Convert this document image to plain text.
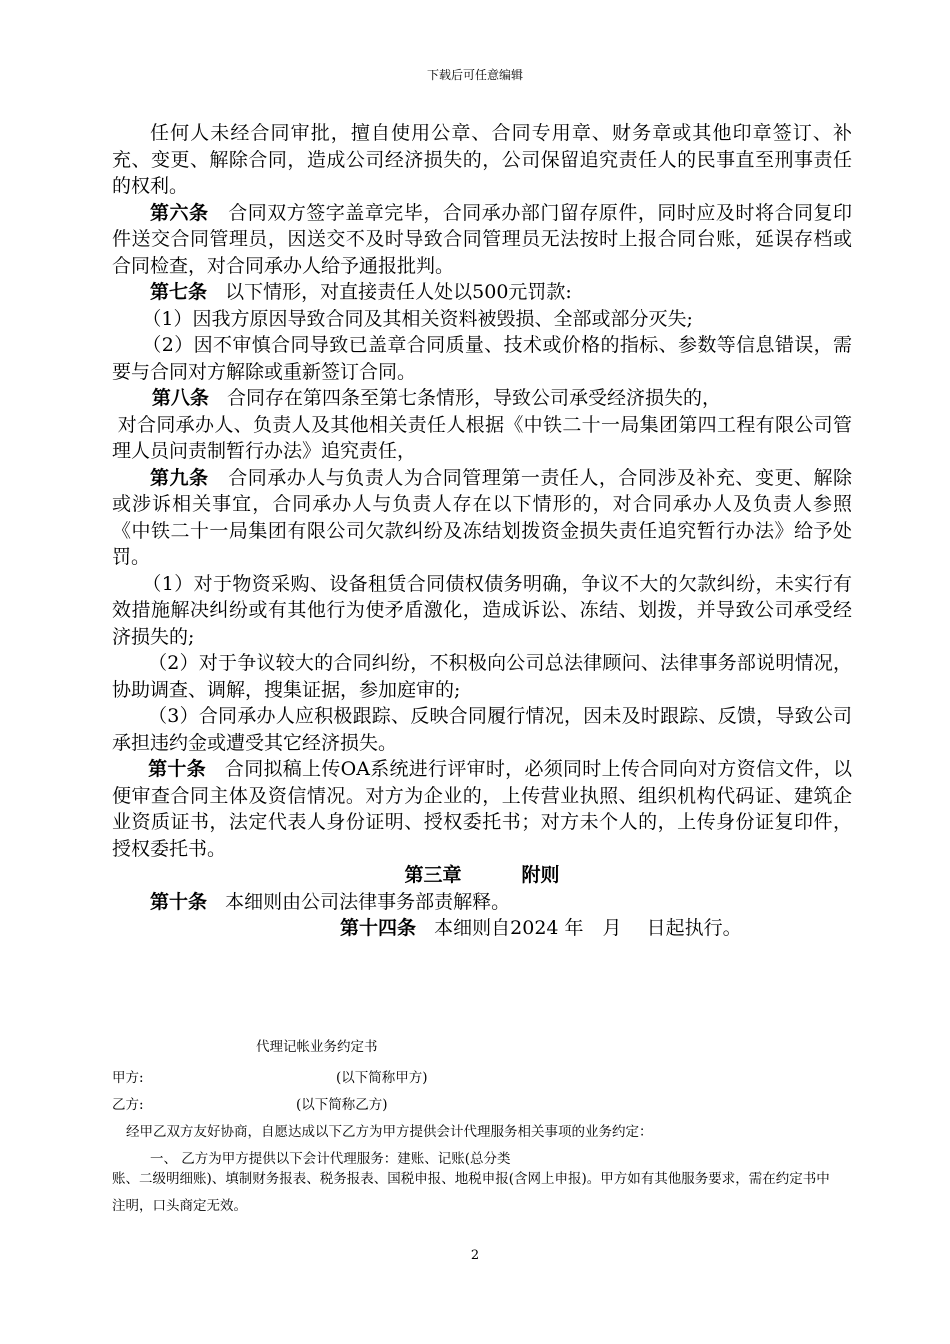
下载后可任意编辑

任何人未经合同审批，擅自使用公章、合同专用章、财务章或其他印章签订、补充、变更、解除合同，造成公司经济损失的，公司保留追究责任人的民事直至刑事责任的权利。

第六条 合同双方签字盖章完毕，合同承办部门留存原件，同时应及时将合同复印件送交合同管理员，因送交不及时导致合同管理员无法按时上报合同台账，延误存档或合同检查，对合同承办人给予通报批判。

第七条 以下情形，对直接责任人处以500元罚款:

（1）因我方原因导致合同及其相关资料被毁损、全部或部分灭失;

（2）因不审慎合同导致已盖章合同质量、技术或价格的指标、参数等信息错误，需要与合同对方解除或重新签订合同。

第八条 合同存在第四条至第七条情形，导致公司承受经济损失的，

对合同承办人、负责人及其他相关责任人根据《中铁二十一局集团第四工程有限公司管理人员问责制暂行办法》追究责任，

第九条 合同承办人与负责人为合同管理第一责任人，合同涉及补充、变更、解除或涉诉相关事宜，合同承办人与负责人存在以下情形的，对合同承办人及负责人参照《中铁二十一局集团有限公司欠款纠纷及冻结划拨资金损失责任追究暂行办法》给予处罚。

（1）对于物资采购、设备租赁合同债权债务明确，争议不大的欠款纠纷，未实行有效措施解决纠纷或有其他行为使矛盾激化，造成诉讼、冻结、划拨，并导致公司承受经济损失的;

（2）对于争议较大的合同纠纷，不积极向公司总法律顾问、法律事务部说明情况，协助调查、调解，搜集证据，参加庭审的;

（3）合同承办人应积极跟踪、反映合同履行情况，因未及时跟踪、反馈，导致公司承担违约金或遭受其它经济损失。

第十条 合同拟稿上传OA系统进行评审时，必须同时上传合同向对方资信文件，以便审查合同主体及资信情况。对方为企业的，上传营业执照、组织机构代码证、建筑企业资质证书，法定代表人身份证明、授权委托书；对方未个人的，上传身份证复印件，授权委托书。

第三章	附则

第十条 本细则由公司法律事务部责解释。

第十四条 本细则自2024 年　月　 日起执行。

代理记帐业务约定书
甲方:	(以下简称甲方)
乙方:	(以下简称乙方)
经甲乙双方友好协商，自愿达成以下乙方为甲方提供会计代理服务相关事项的业务约定：
一、 乙方为甲方提供以下会计代理服务：建账、记账(总分类
账、二级明细账)、填制财务报表、税务报表、国税申报、地税申报(含网上申报)。甲方如有其他服务要求，需在约定书中注明，口头商定无效。
2
